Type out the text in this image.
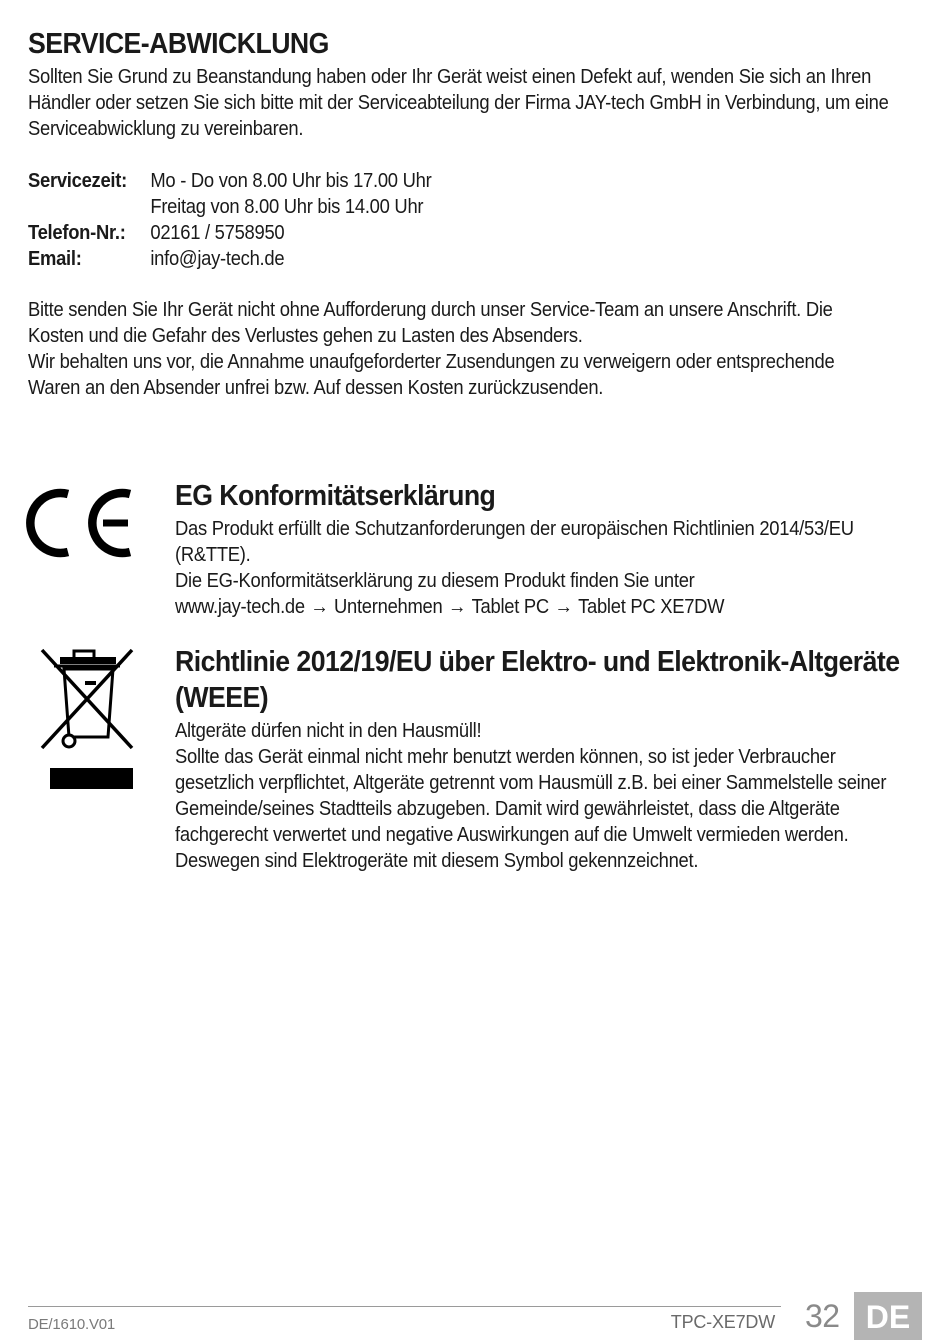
SERVICE-ABWICKLUNG

Sollten Sie Grund zu Beanstandung haben oder Ihr Gerät weist einen Defekt auf, wenden Sie sich an Ihren
Händler oder setzen Sie sich bitte mit der Serviceabteilung der Firma JAY-tech GmbH in Verbindung, um eine
Serviceabwicklung zu vereinbaren.

Servicezeit:	Mo - Do von 8.00 Uhr bis 17.00 Uhr
Freitag von 8.00 Uhr bis 14.00 Uhr
Telefon-Nr.:	02161 / 5758950
Email:	info@jay-tech.de

Bitte senden Sie Ihr Gerät nicht ohne Aufforderung durch unser Service-Team an unsere Anschrift. Die
Kosten und die Gefahr des Verlustes gehen zu Lasten des Absenders.
Wir behalten uns vor, die Annahme unaufgeforderter Zusendungen zu verweigern oder entsprechende
Waren an den Absender unfrei bzw. Auf dessen Kosten zurückzusenden.

EG Konformitätserklärung
Das Produkt erfüllt die Schutzanforderungen der europäischen Richtlinien 2014/53/EU
(R&TTE).
Die EG-Konformitätserklärung zu diesem Produkt finden Sie unter
www.jay-tech.de → Unternehmen → Tablet PC → Tablet PC XE7DW
Richtlinie 2012/19/EU über Elektro- und Elektronik-Altgeräte
(WEEE)
Altgeräte dürfen nicht in den Hausmüll!
Sollte das Gerät einmal nicht mehr benutzt werden können, so ist jeder Verbraucher
gesetzlich verpflichtet, Altgeräte getrennt vom Hausmüll z.B. bei einer Sammelstelle seiner
Gemeinde/seines Stadtteils abzugeben. Damit wird gewährleistet, dass die Altgeräte
fachgerecht verwertet und negative Auswirkungen auf die Umwelt vermieden werden.
Deswegen sind Elektrogeräte mit diesem Symbol gekennzeichnet.
DE/1610.V01	TPC-XE7DW 32 DE
